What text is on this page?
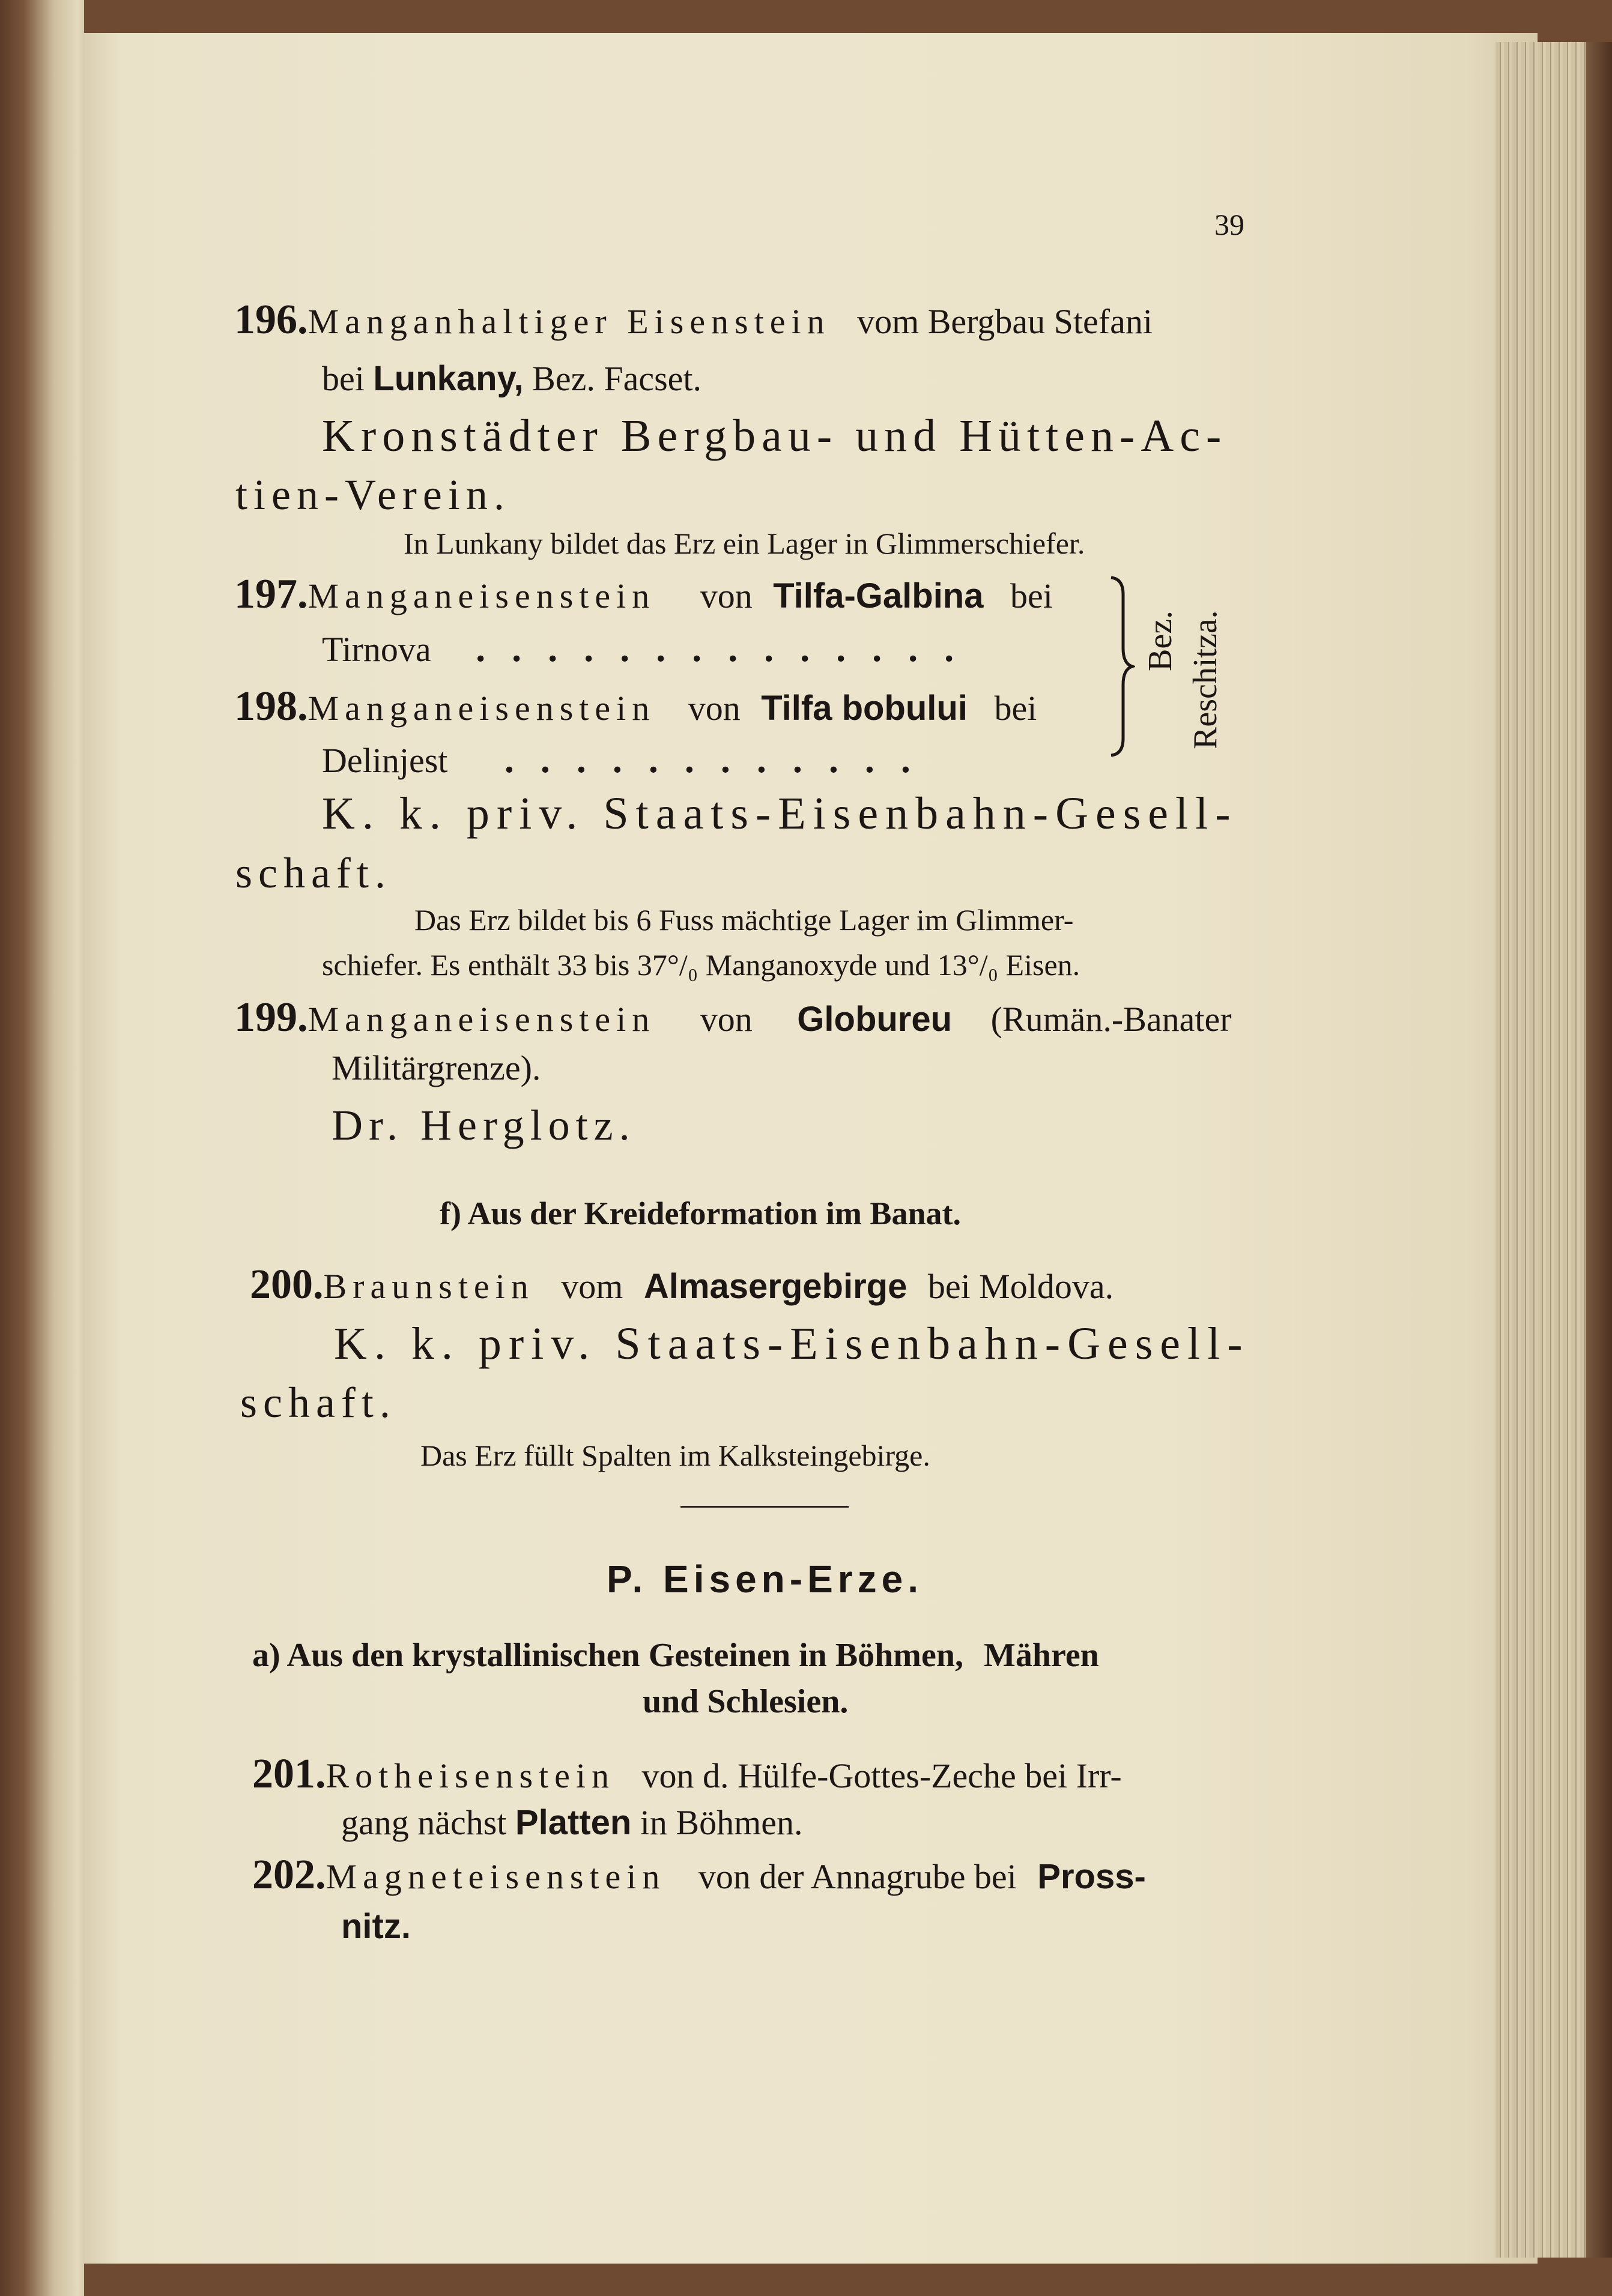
39
196.Manganhaltiger Eisenstein vom Bergbau Stefani
bei Lunkany, Bez. Facset.
Kronstädter Bergbau- und Hütten-Ac-
tien-Verein.
In Lunkany bildet das Erz ein Lager in Glimmerschiefer.
197.Manganeisenstein von Tilfa-Galbina bei
Tirnova . . . . . . . . . . . . . .
198.Manganeisenstein von Tilfa bobului bei
Delinjest . . . . . . . . . . . .
Bez. Reschitza.
K. k. priv. Staats-Eisenbahn-Gesell-
schaft.
Das Erz bildet bis 6 Fuss mächtige Lager im Glimmer-
schiefer. Es enthält 33 bis 37°/₀ Manganoxyde und 13°/₀ Eisen.
199.Manganeisenstein von Globureu (Rumän.-Banater
Militärgrenze).
Dr. Herglotz.
f) Aus der Kreideformation im Banat.
200.Braunstein vom Almasergebirge bei Moldova.
K. k. priv. Staats-Eisenbahn-Gesell-
schaft.
Das Erz füllt Spalten im Kalksteingebirge.
P. Eisen-Erze.
a) Aus den krystallinischen Gesteinen in Böhmen, Mähren
und Schlesien.
201.Rotheisenstein von d. Hülfe-Gottes-Zeche bei Irr-
gang nächst Platten in Böhmen.
202.Magneteisenstein von der Annagrube bei Pross-
nitz.
